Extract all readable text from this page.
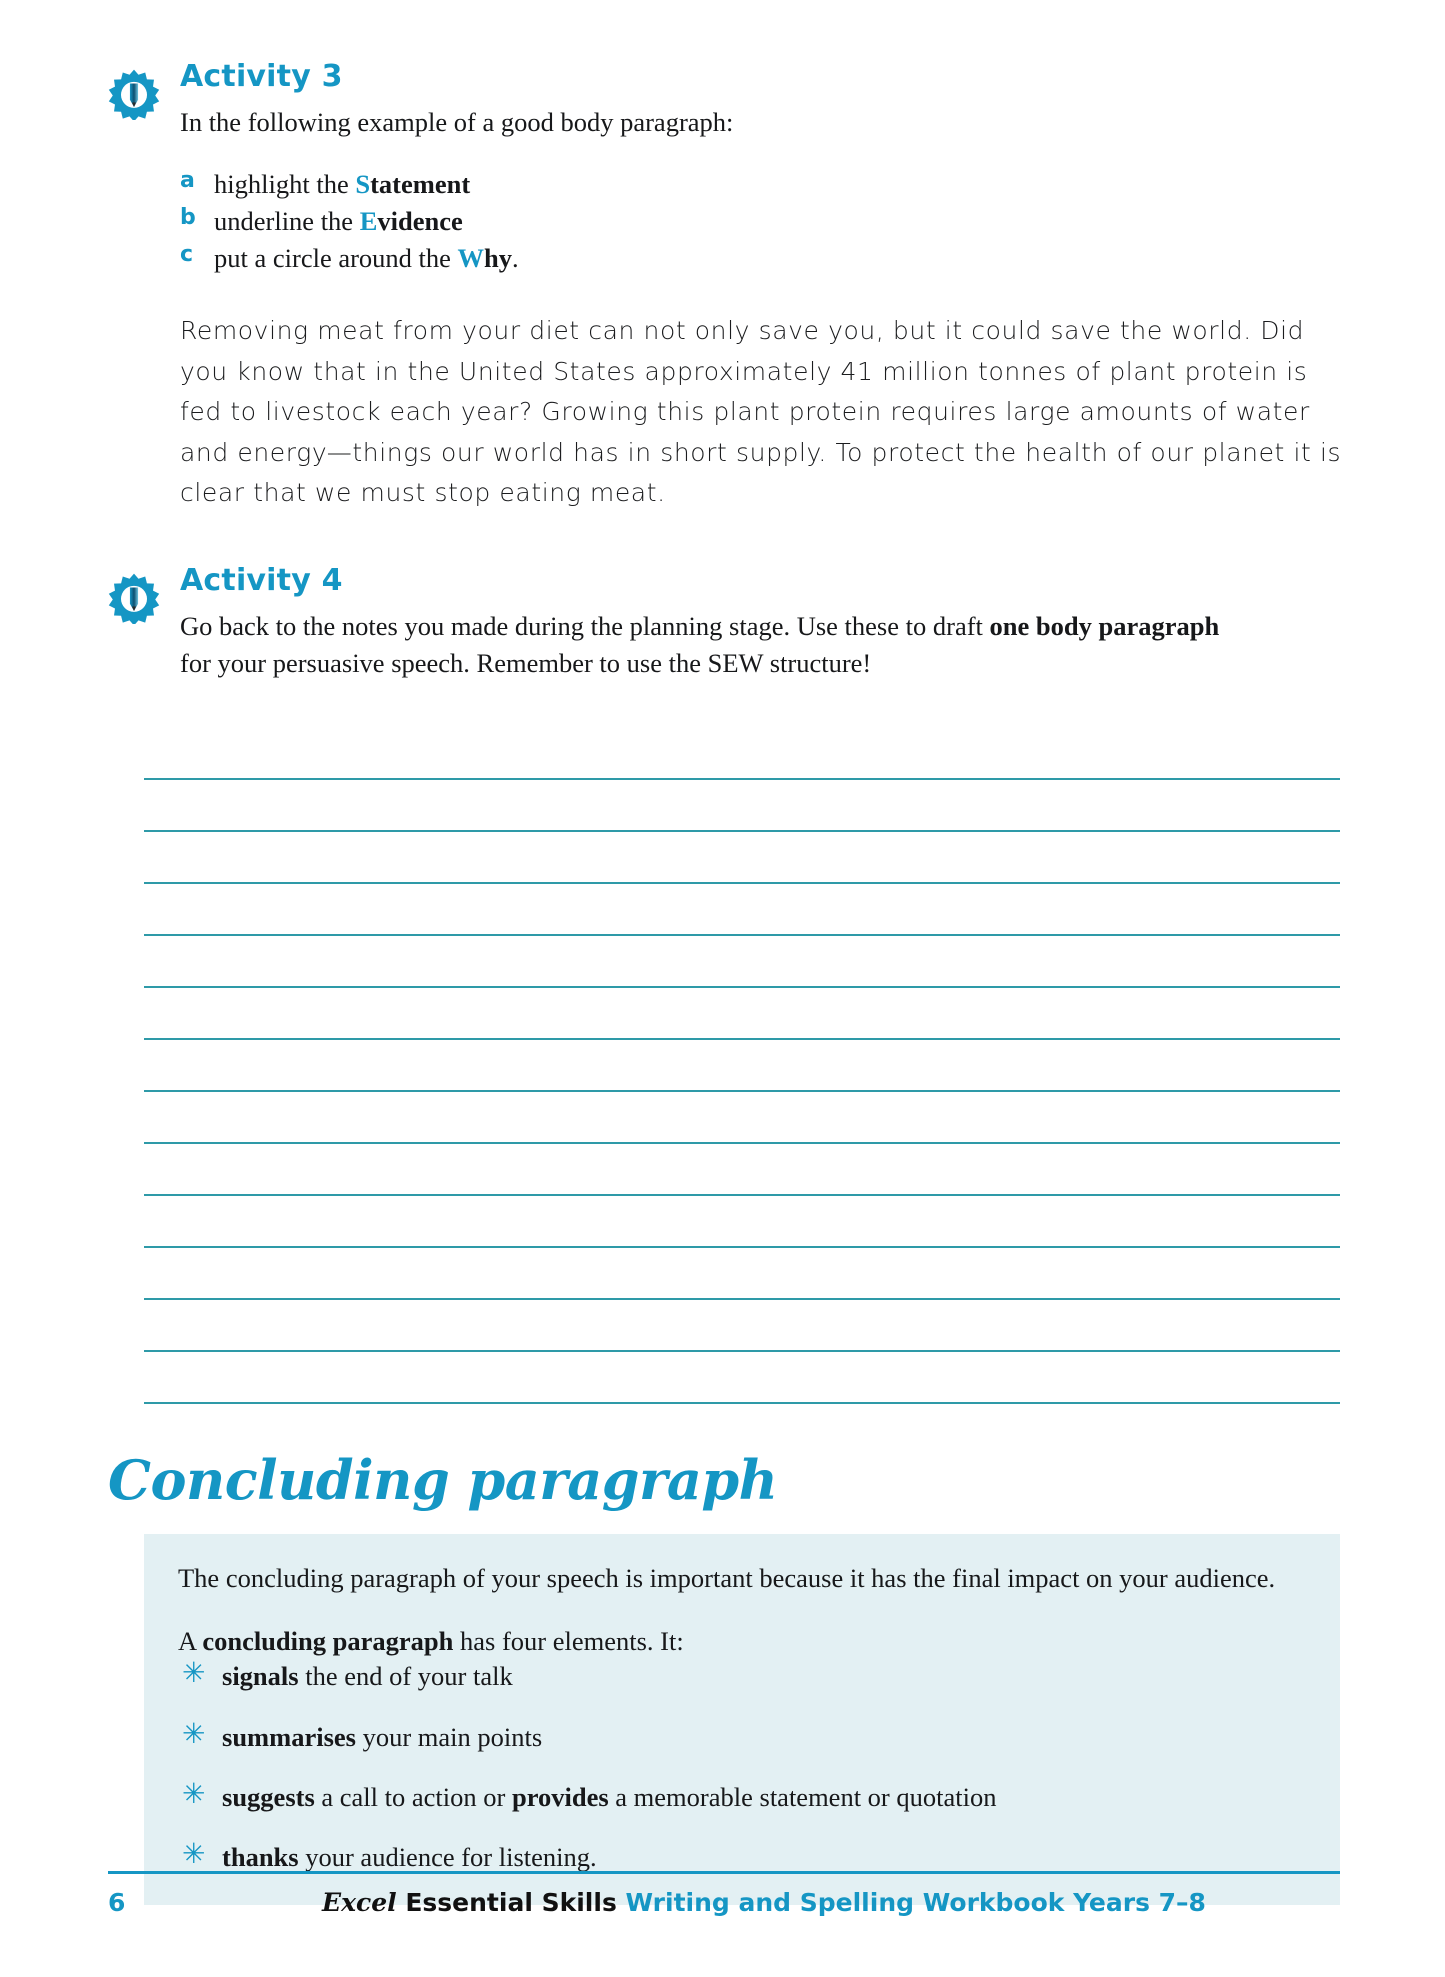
Activity 3

In the following example of a good body paragraph:

a highlight the Statement
b underline the Evidence
c put a circle around the Why.

Removing meat from your diet can not only save you, but it could save the world. Did you know that in the United States approximately 41 million tonnes of plant protein is fed to livestock each year? Growing this plant protein requires large amounts of water and energy—things our world has in short supply. To protect the health of our planet it is clear that we must stop eating meat.

Activity 4

Go back to the notes you made during the planning stage. Use these to draft one body paragraph for your persuasive speech. Remember to use the SEW structure!

Concluding paragraph

The concluding paragraph of your speech is important because it has the final impact on your audience.

A concluding paragraph has four elements. It:

✳ signals the end of your talk
✳ summarises your main points
✳ suggests a call to action or provides a memorable statement or quotation
✳ thanks your audience for listening.
6	Excel Essential Skills Writing and Spelling Workbook Years 7–8
